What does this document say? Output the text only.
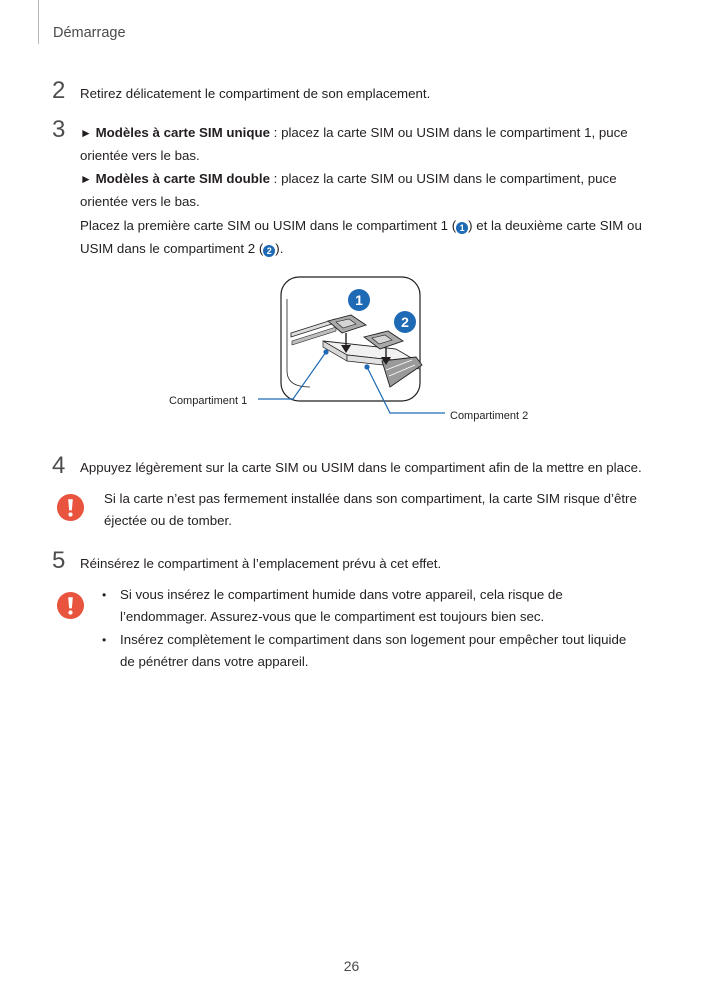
Démarrage
2 Retirez délicatement le compartiment de son emplacement.
3 ► Modèles à carte SIM unique : placez la carte SIM ou USIM dans le compartiment 1, puce
orientée vers le bas.
► Modèles à carte SIM double : placez la carte SIM ou USIM dans le compartiment, puce
orientée vers le bas.
Placez la première carte SIM ou USIM dans le compartiment 1 ( 1 ) et la deuxième carte SIM ou
USIM dans le compartiment 2 ( 2 ).
1
2
Compartiment 1
Compartiment 2
4 Appuyez légèrement sur la carte SIM ou USIM dans le compartiment afin de la mettre en place.
Si la carte n’est pas fermement installée dans son compartiment, la carte SIM risque d’être
éjectée ou de tomber.
5 Réinsérez le compartiment à l’emplacement prévu à cet effet.
• Si vous insérez le compartiment humide dans votre appareil, cela risque de
l’endommager. Assurez-vous que le compartiment est toujours bien sec.
• Insérez complètement le compartiment dans son logement pour empêcher tout liquide
de pénétrer dans votre appareil.
26
